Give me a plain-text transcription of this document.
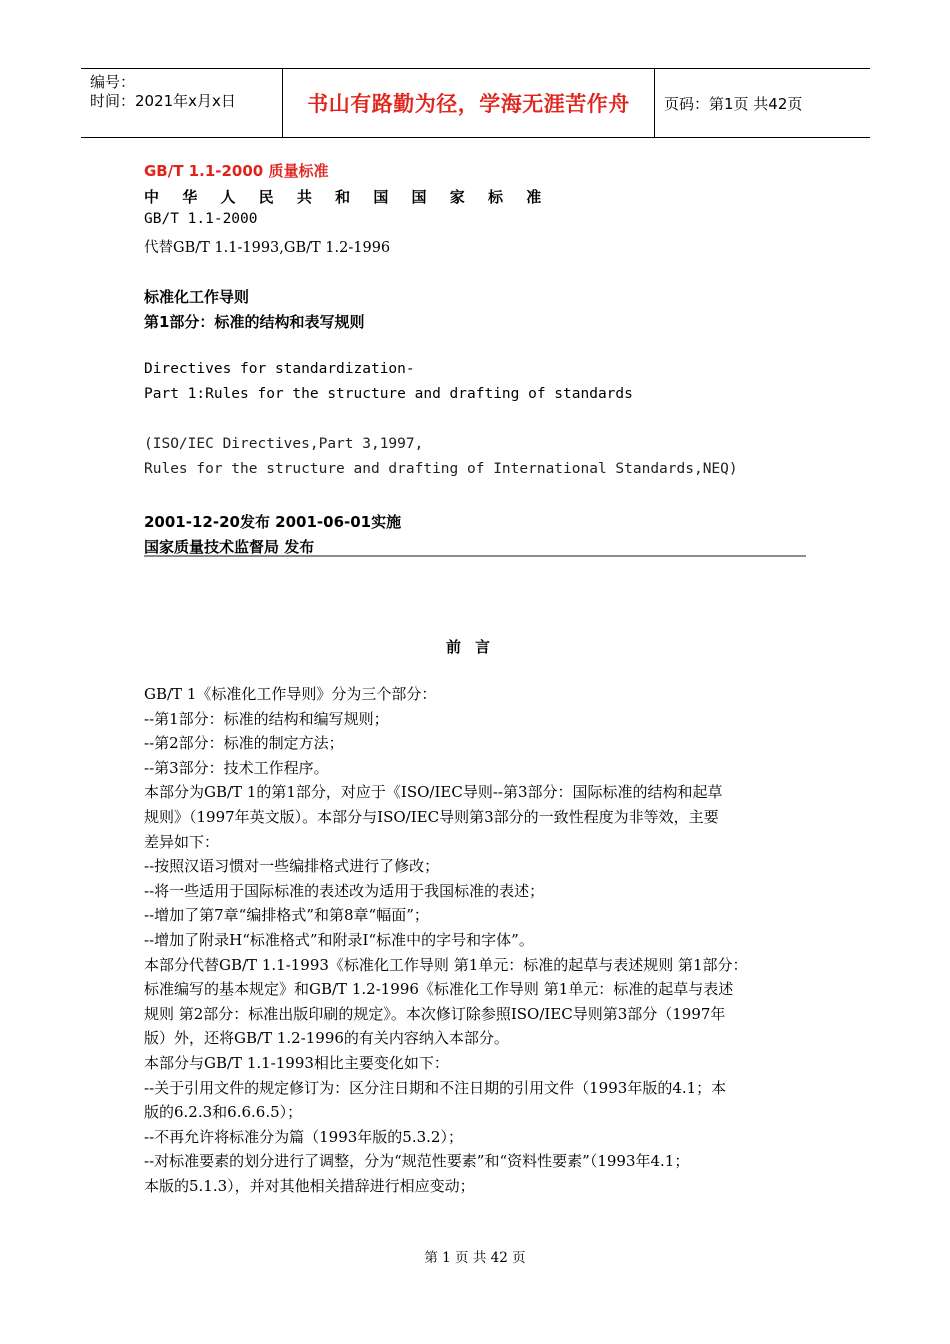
编号：
时间：2021年x月x日	书山有路勤为径，学海无涯苦作舟 页码：第1页 共42页
GB/T 1.1-2000 质量标准
中 华 人 民 共 和 国 国 家 标 准
GB/T 1.1-2000
代替GB/T 1.1-1993,GB/T 1.2-1996
标准化工作导则
第1部分：标准的结构和表写规则
Directives for standardization-
Part 1:Rules for the structure and drafting of standards
(ISO/IEC Directives,Part 3,1997,
Rules for the structure and drafting of International Standards,NEQ)
2001-12-20发布 2001-06-01实施
国家质量技术监督局 发布
前言

GB/T 1《标准化工作导则》分为三个部分：

--第1部分：标准的结构和编写规则；

--第2部分：标准的制定方法；

--第3部分：技术工作程序。

本部分为GB/T 1的第1部分，对应于《ISO/IEC导则--第3部分：国际标准的结构和起草

规则》（1997年英文版）。本部分与ISO/IEC导则第3部分的一致性程度为非等效，主要

差异如下：

--按照汉语习惯对一些编排格式进行了修改；

--将一些适用于国际标准的表述改为适用于我国标准的表述；

--增加了第7章“编排格式”和第8章“幅面”；

--增加了附录H“标准格式”和附录I“标准中的字号和字体”。

本部分代替GB/T 1.1-1993《标准化工作导则 第1单元：标准的起草与表述规则 第1部分：

标准编写的基本规定》和GB/T 1.2-1996《标准化工作导则 第1单元：标准的起草与表述

规则 第2部分：标准出版印刷的规定》。本次修订除参照ISO/IEC导则第3部分（1997年

版）外，还将GB/T 1.2-1996的有关内容纳入本部分。

本部分与GB/T 1.1-1993相比主要变化如下：

--关于引用文件的规定修订为：区分注日期和不注日期的引用文件（1993年版的4.1；本

版的6.2.3和6.6.6.5）；

--不再允许将标准分为篇（1993年版的5.3.2）；

--对标准要素的划分进行了调整，分为“规范性要素”和“资料性要素”（1993年4.1；

本版的5.1.3），并对其他相关措辞进行相应变动；

第 1 页 共 42 页
